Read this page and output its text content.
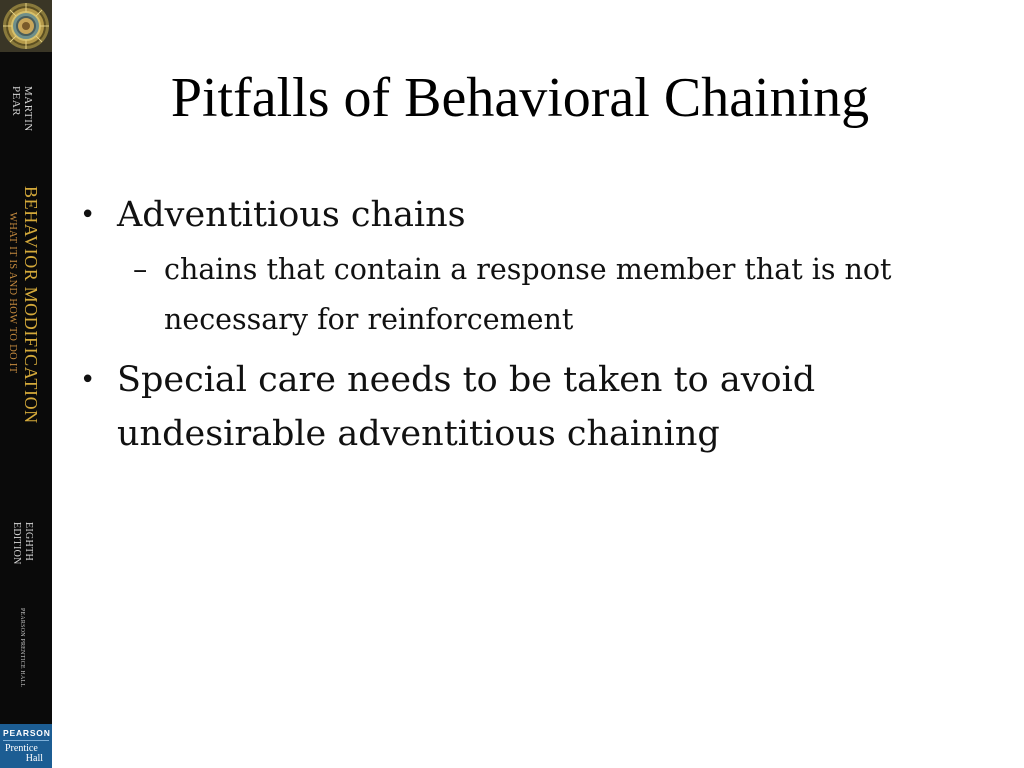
MARTIN
PEAR
BEHAVIOR MODIFICATION
WHAT IT IS AND HOW TO DO IT
EIGHTH
EDITION
PEARSON PRENTICE HALL
PEARSON
Prentice
Hall
Pitfalls of Behavioral Chaining
• Adventitious chains
– chains that contain a response member that is not necessary for reinforcement
• Special care needs to be taken to avoid undesirable adventitious chaining
